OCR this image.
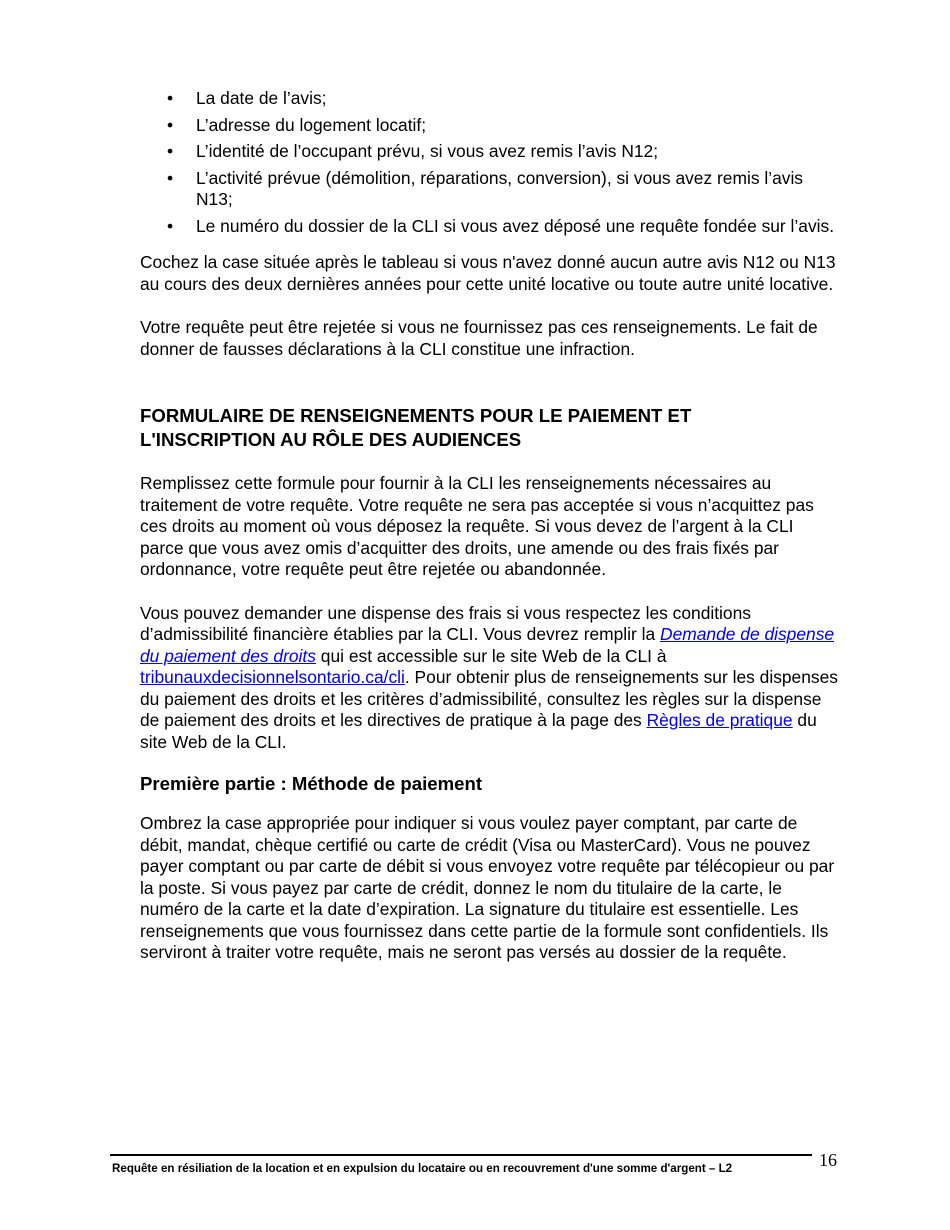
• La date de l’avis;
• L’adresse du logement locatif;
• L’identité de l’occupant prévu, si vous avez remis l’avis N12;
• L’activité prévue (démolition, réparations, conversion), si vous avez remis l’avis N13;
• Le numéro du dossier de la CLI si vous avez déposé une requête fondée sur l’avis.

Cochez la case située après le tableau si vous n'avez donné aucun autre avis N12 ou N13 au cours des deux dernières années pour cette unité locative ou toute autre unité locative.

Votre requête peut être rejetée si vous ne fournissez pas ces renseignements. Le fait de donner de fausses déclarations à la CLI constitue une infraction.

FORMULAIRE DE RENSEIGNEMENTS POUR LE PAIEMENT ET
L'INSCRIPTION AU RÔLE DES AUDIENCES

Remplissez cette formule pour fournir à la CLI les renseignements nécessaires au traitement de votre requête. Votre requête ne sera pas acceptée si vous n’acquittez pas ces droits au moment où vous déposez la requête. Si vous devez de l’argent à la CLI parce que vous avez omis d’acquitter des droits, une amende ou des frais fixés par ordonnance, votre requête peut être rejetée ou abandonnée.

Vous pouvez demander une dispense des frais si vous respectez les conditions d’admissibilité financière établies par la CLI. Vous devrez remplir la Demande de dispense du paiement des droits qui est accessible sur le site Web de la CLI à tribunauxdecisionnelsontario.ca/cli. Pour obtenir plus de renseignements sur les dispenses du paiement des droits et les critères d’admissibilité, consultez les règles sur la dispense de paiement des droits et les directives de pratique à la page des Règles de pratique du site Web de la CLI.

Première partie : Méthode de paiement

Ombrez la case appropriée pour indiquer si vous voulez payer comptant, par carte de débit, mandat, chèque certifié ou carte de crédit (Visa ou MasterCard). Vous ne pouvez payer comptant ou par carte de débit si vous envoyez votre requête par télécopieur ou par la poste. Si vous payez par carte de crédit, donnez le nom du titulaire de la carte, le numéro de la carte et la date d’expiration. La signature du titulaire est essentielle. Les renseignements que vous fournissez dans cette partie de la formule sont confidentiels. Ils serviront à traiter votre requête, mais ne seront pas versés au dossier de la requête.

Requête en résiliation de la location et en expulsion du locataire ou en recouvrement d'une somme d'argent – L2	16
